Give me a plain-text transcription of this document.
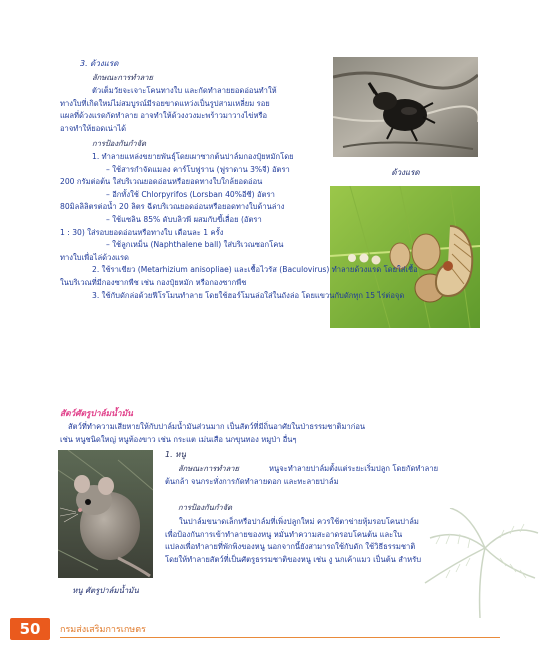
ด้วงแรด
3. ด้วงแรด
ลักษณะการทำลาย
ตัวเต็มวัยจะเจาะโคนทางใบ และกัดทำลายยอดอ่อนทำให้
ทางใบที่เกิดใหม่ไม่สมบูรณ์มีรอยขาดแหว่งเป็นรูปสามเหลี่ยม รอย
แผลที่ด้วงแรดกัดทำลาย อาจทำให้ด้วงงวงมะพร้าวมาวางไข่หรือ
อาจทำให้ยอดเน่าได้
การป้องกันกำจัด
1. ทำลายแหล่งขยายพันธุ์โดยเผาซากต้นปาล์มกองปุ๋ยหมักโดย
– ใช้สารกำจัดแมลง คาร์โบฟูราน (ฟูราดาน 3%จี) อัตรา
200 กรัมต่อต้น ใส่บริเวณยอดอ่อนหรือยอดทางใบใกล้ยอดอ่อน
– อีกทั้งใช้ Chlorpyrifos (Lorsban 40%อีซี) อัตรา
80มิลลิลิตรต่อน้ำ 20 ลิตร ฉีดบริเวณยอดอ่อนหรือยอดทางใบด้านล่าง
– ใช้แซลิน 85% ดับบลิวพี ผสมกับขี้เลื่อย (อัตรา
1 : 30) ใส่รอบยอดอ่อนหรือทางใบ เดือนละ 1 ครั้ง
– ใช้ลูกเหม็น (Naphthalene ball) ใส่บริเวณซอกโคน
ทางใบเพื่อไล่ด้วงแรด
2. ใช้ราเขียว (Metarhizium anisopliae) และเชื้อไวรัส (Baculovirus) ทำลายด้วงแรด โดยใส่เชื้อ
ในบริเวณที่มีกองซากพืช เช่น กองปุ๋ยหมัก หรือกองซากพืช
3. ใช้กับดักล่อด้วยฟีโรโมนทำลาย โดยใช้ฮอร์โมนล่อใส่ในถังล่อ โดยแขวนกับดักทุก 15 ไร่ต่อจุด
สัตว์ศัตรูปาล์มน้ำมัน
สัตว์ที่ทำความเสียหายให้กับปาล์มน้ำมันส่วนมาก เป็นสัตว์ที่มีถิ่นอาศัยในป่าธรรมชาติมาก่อน
เช่น หนูชนิดใหญ่ หนูท้องขาว เช่น กระแต เม่นเสือ นกขุนทอง หมูป่า อื่นๆ
หนู ศัตรูปาล์มน้ำมัน
1. หนู
ลักษณะการทำลาย	หนูจะทำลายปาล์มตั้งแต่ระยะเริ่มปลูก โดยกัดทำลาย
ต้นกล้า จนกระทั่งการกัดทำลายดอก และทะลายปาล์ม
การป้องกันกำจัด
ในปาล์มขนาดเล็กหรือปาล์มที่เพิ่งปลูกใหม่ ควรใช้ตาข่ายหุ้มรอบโคนปาล์ม
เพื่อป้องกันการเข้าทำลายของหนู หมั่นทำความสะอาดรอบโคนต้น และใน
แปลงเพื่อทำลายที่พักพิงของหนู นอกจากนี้ยังสามารถใช้กับดัก ใช้วิธีธรรมชาติ
โดยให้ทำลายสัตว์ที่เป็นศัตรูธรรมชาติของหนู เช่น งู นกเค้าแมว เป็นต้น สำหรับ
50	กรมส่งเสริมการเกษตร
